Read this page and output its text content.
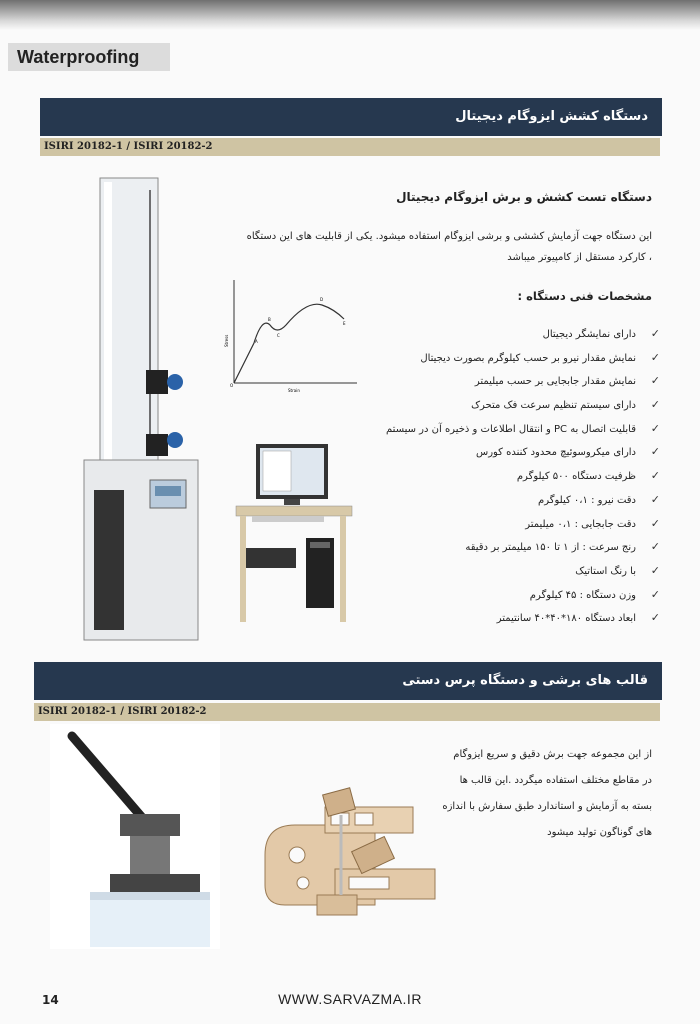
Waterproofing
دستگاه کشش ایزوگام دیجیتال
ISIRI 20182-1 / ISIRI 20182-2
Stress
Strain
O
A
B
C
D
E
دستگاه تست کشش و برش ایزوگام دیجیتال
این دستگاه جهت آزمایش کششی و برشی ایزوگام استفاده میشود. یکی از قابلیت های این دستگاه ، کارکرد مستقل از کامپیوتر میباشد
مشخصات فنی دستگاه :
✓دارای نمایشگر دیجیتال
✓نمایش مقدار نیرو بر حسب کیلوگرم بصورت دیجیتال
✓نمایش مقدار جابجایی بر حسب میلیمتر
✓دارای سیستم تنظیم سرعت فک متحرک
✓قابلیت اتصال به PC و انتقال اطلاعات و ذخیره آن در سیستم
✓دارای میکروسوئیچ محدود کننده کورس
✓ظرفیت دستگاه ۵۰۰ کیلوگرم
✓دقت نیرو : ۰،۱ کیلوگرم
✓دقت جابجایی : ۰،۱ میلیمتر
✓رنج سرعت : از ۱ تا ۱۵۰ میلیمتر بر دقیقه
✓با رنگ استاتیک
✓وزن دستگاه : ۴۵ کیلوگرم
✓ابعاد دستگاه ۱۸۰*۴۰*۴۰ سانتیمتر
قالب های برشی و دستگاه پرس دستی
ISIRI 20182-1 / ISIRI 20182-2
از این مجموعه جهت برش دقیق و سریع ایزوگام در مقاطع مختلف استفاده میگردد .این قالب ها بسته به آزمایش و استاندارد طبق سفارش با اندازه های گوناگون تولید میشود
14	WWW.SARVAZMA.IR
